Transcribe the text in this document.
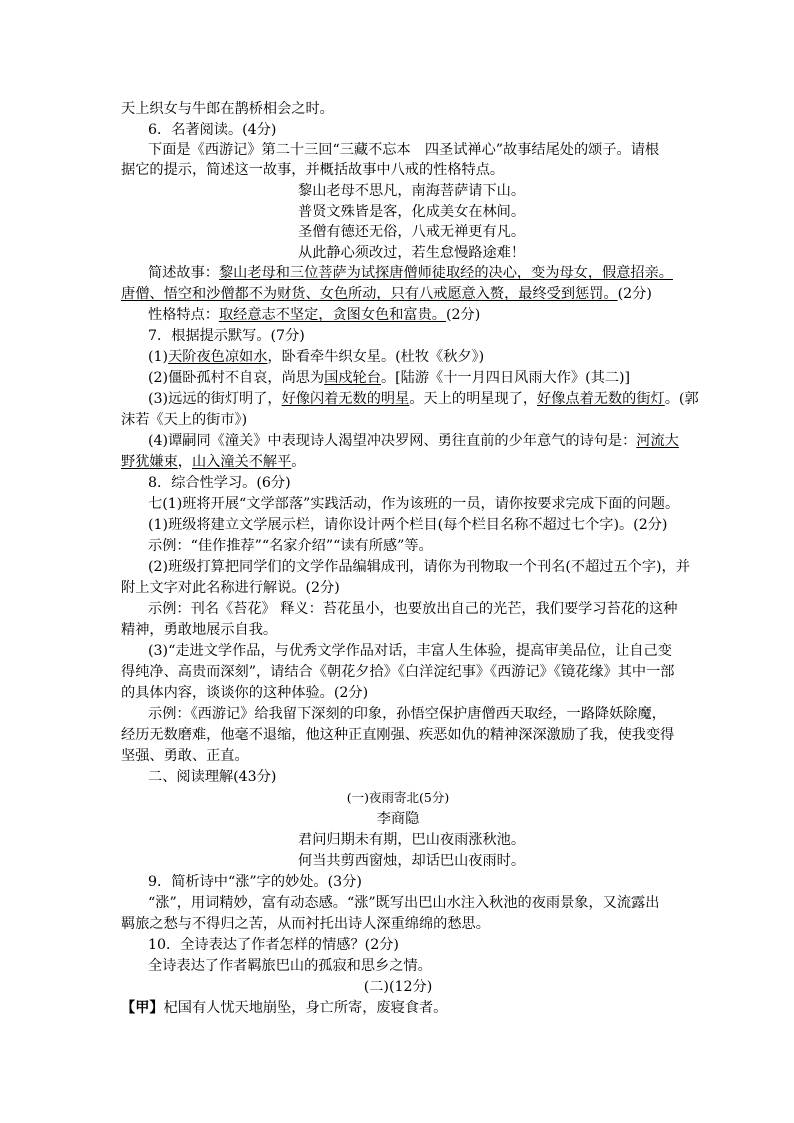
天上织女与牛郎在鹊桥相会之时。
6．名著阅读。(4分)
下面是《西游记》第二十三回“三藏不忘本　四圣试禅心”故事结尾处的颂子。请根
据它的提示，简述这一故事，并概括故事中八戒的性格特点。
黎山老母不思凡，南海菩萨请下山。
普贤文殊皆是客，化成美女在林间。
圣僧有德还无俗，八戒无禅更有凡。
从此静心须改过，若生怠慢路途难！
简述故事：黎山老母和三位菩萨为试探唐僧师徒取经的决心，变为母女，假意招亲。
唐僧、悟空和沙僧都不为财货、女色所动，只有八戒愿意入赘，最终受到惩罚。(2分)
性格特点：取经意志不坚定，贪图女色和富贵。(2分)
7．根据提示默写。(7分)
(1)天阶夜色凉如水，卧看牵牛织女星。(杜牧《秋夕》)
(2)僵卧孤村不自哀，尚思为国戍轮台。[陆游《十一月四日风雨大作》(其二)]
(3)远远的街灯明了，好像闪着无数的明星。天上的明星现了，好像点着无数的街灯。(郭
沫若《天上的街市》)
(4)谭嗣同《潼关》中表现诗人渴望冲决罗网、勇往直前的少年意气的诗句是：河流大
野犹嫌束，山入潼关不解平。
8．综合性学习。(6分)
七(1)班将开展“文学部落”实践活动，作为该班的一员，请你按要求完成下面的问题。
(1)班级将建立文学展示栏，请你设计两个栏目(每个栏目名称不超过七个字)。(2分)
示例：“佳作推荐”“名家介绍”“读有所感”等。
(2)班级打算把同学们的文学作品编辑成刊，请你为刊物取一个刊名(不超过五个字)，并
附上文字对此名称进行解说。(2分)
示例：刊名《苔花》 释义：苔花虽小，也要放出自己的光芒，我们要学习苔花的这种
精神，勇敢地展示自我。
(3)“走进文学作品，与优秀文学作品对话，丰富人生体验，提高审美品位，让自己变
得纯净、高贵而深刻”，请结合《朝花夕拾》《白洋淀纪事》《西游记》《镜花缘》其中一部
的具体内容，谈谈你的这种体验。(2分)
示例：《西游记》给我留下深刻的印象，孙悟空保护唐僧西天取经，一路降妖除魔，
经历无数磨难，他毫不退缩，他这种正直刚强、疾恶如仇的精神深深激励了我，使我变得
坚强、勇敢、正直。
二、阅读理解(43分)
(一)夜雨寄北(5分)
李商隐
君问归期未有期，巴山夜雨涨秋池。
何当共剪西窗烛，却话巴山夜雨时。
9．简析诗中“涨”字的妙处。(3分)
“涨”，用词精妙，富有动态感。“涨”既写出巴山水注入秋池的夜雨景象，又流露出
羁旅之愁与不得归之苦，从而衬托出诗人深重绵绵的愁思。
10．全诗表达了作者怎样的情感？(2分)
全诗表达了作者羁旅巴山的孤寂和思乡之情。
(二)(12分)
【甲】杞国有人忧天地崩坠，身亡所寄，废寝食者。
